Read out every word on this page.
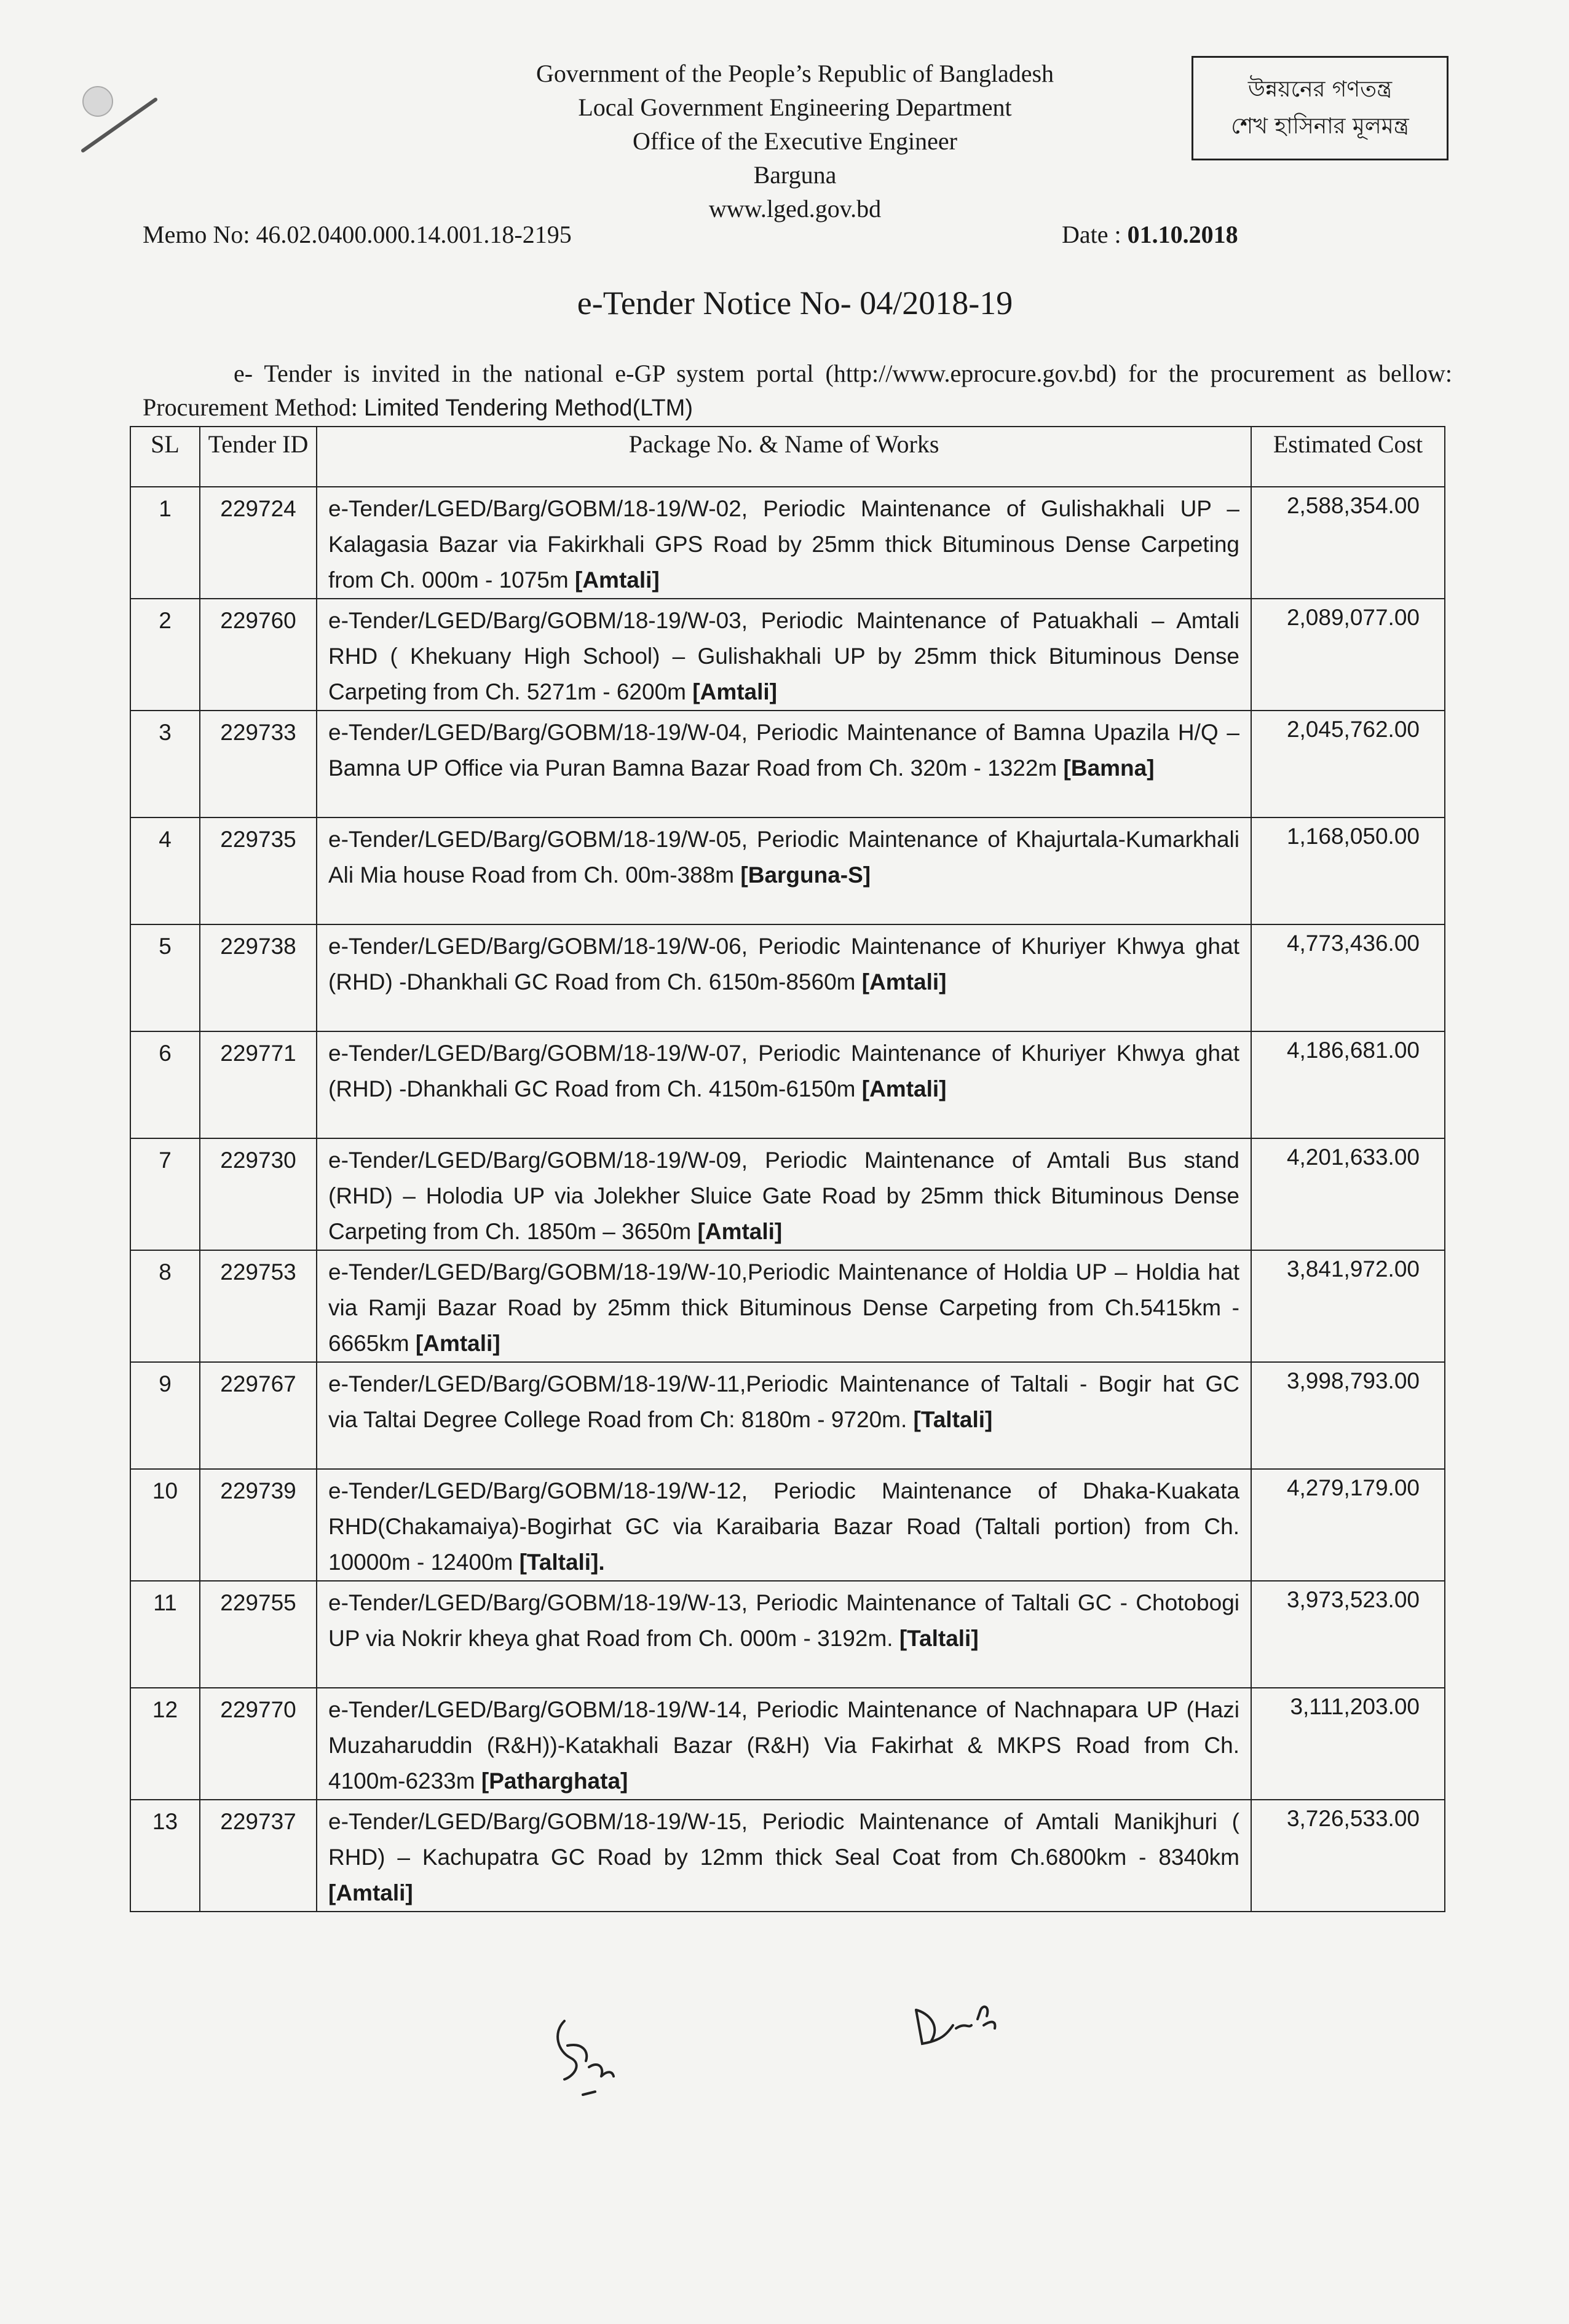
Government of the People’s Republic of Bangladesh
Local Government Engineering Department
Office of the Executive Engineer
Barguna
www.lged.gov.bd
উন্নয়নের গণতন্ত্র
শেখ হাসিনার মূলমন্ত্র
Memo No: 46.02.0400.000.14.001.18-2195	Date : 01.10.2018
e-Tender Notice No- 04/2018-19

e- Tender is invited in the national e-GP system portal (http://www.eprocure.gov.bd) for the procurement as bellow: Procurement Method: Limited Tendering Method(LTM)

SL	Tender ID	Package No. & Name of Works	Estimated Cost
1	229724	e-Tender/LGED/Barg/GOBM/18-19/W-02, Periodic Maintenance of Gulishakhali UP – Kalagasia Bazar via Fakirkhali GPS Road by 25mm thick Bituminous Dense Carpeting from Ch. 000m - 1075m [Amtali]	2,588,354.00
2	229760	e-Tender/LGED/Barg/GOBM/18-19/W-03, Periodic Maintenance of Patuakhali – Amtali RHD ( Khekuany High School) – Gulishakhali UP by 25mm thick Bituminous Dense Carpeting from Ch. 5271m - 6200m [Amtali]	2,089,077.00
3	229733	e-Tender/LGED/Barg/GOBM/18-19/W-04, Periodic Maintenance of Bamna Upazila H/Q – Bamna UP Office via Puran Bamna Bazar Road from Ch. 320m - 1322m [Bamna]	2,045,762.00
4	229735	e-Tender/LGED/Barg/GOBM/18-19/W-05, Periodic Maintenance of Khajurtala-Kumarkhali Ali Mia house Road from Ch. 00m-388m [Barguna-S]	1,168,050.00
5	229738	e-Tender/LGED/Barg/GOBM/18-19/W-06, Periodic Maintenance of Khuriyer Khwya ghat (RHD) -Dhankhali GC Road from Ch. 6150m-8560m [Amtali]	4,773,436.00
6	229771	e-Tender/LGED/Barg/GOBM/18-19/W-07, Periodic Maintenance of Khuriyer Khwya ghat (RHD) -Dhankhali GC Road from Ch. 4150m-6150m [Amtali]	4,186,681.00
7	229730	e-Tender/LGED/Barg/GOBM/18-19/W-09, Periodic Maintenance of Amtali Bus stand (RHD) – Holodia UP via Jolekher Sluice Gate Road by 25mm thick Bituminous Dense Carpeting from Ch. 1850m – 3650m [Amtali]	4,201,633.00
8	229753	e-Tender/LGED/Barg/GOBM/18-19/W-10,Periodic Maintenance of Holdia UP – Holdia hat via Ramji Bazar Road by 25mm thick Bituminous Dense Carpeting from Ch.5415km - 6665km [Amtali]	3,841,972.00
9	229767	e-Tender/LGED/Barg/GOBM/18-19/W-11,Periodic Maintenance of Taltali - Bogir hat GC via Taltai Degree College Road from Ch: 8180m - 9720m. [Taltali]	3,998,793.00
10	229739	e-Tender/LGED/Barg/GOBM/18-19/W-12, Periodic Maintenance of Dhaka-Kuakata RHD(Chakamaiya)-Bogirhat GC via Karaibaria Bazar Road (Taltali portion) from Ch. 10000m - 12400m [Taltali].	4,279,179.00
11	229755	e-Tender/LGED/Barg/GOBM/18-19/W-13, Periodic Maintenance of Taltali GC - Chotobogi UP via Nokrir kheya ghat Road from Ch. 000m - 3192m. [Taltali]	3,973,523.00
12	229770	e-Tender/LGED/Barg/GOBM/18-19/W-14, Periodic Maintenance of Nachnapara UP (Hazi Muzaharuddin (R&H))-Katakhali Bazar (R&H) Via Fakirhat & MKPS Road from Ch. 4100m-6233m [Patharghata]	3,111,203.00
13	229737	e-Tender/LGED/Barg/GOBM/18-19/W-15, Periodic Maintenance of Amtali Manikjhuri ( RHD) – Kachupatra GC Road by 12mm thick Seal Coat from Ch.6800km - 8340km [Amtali]	3,726,533.00
